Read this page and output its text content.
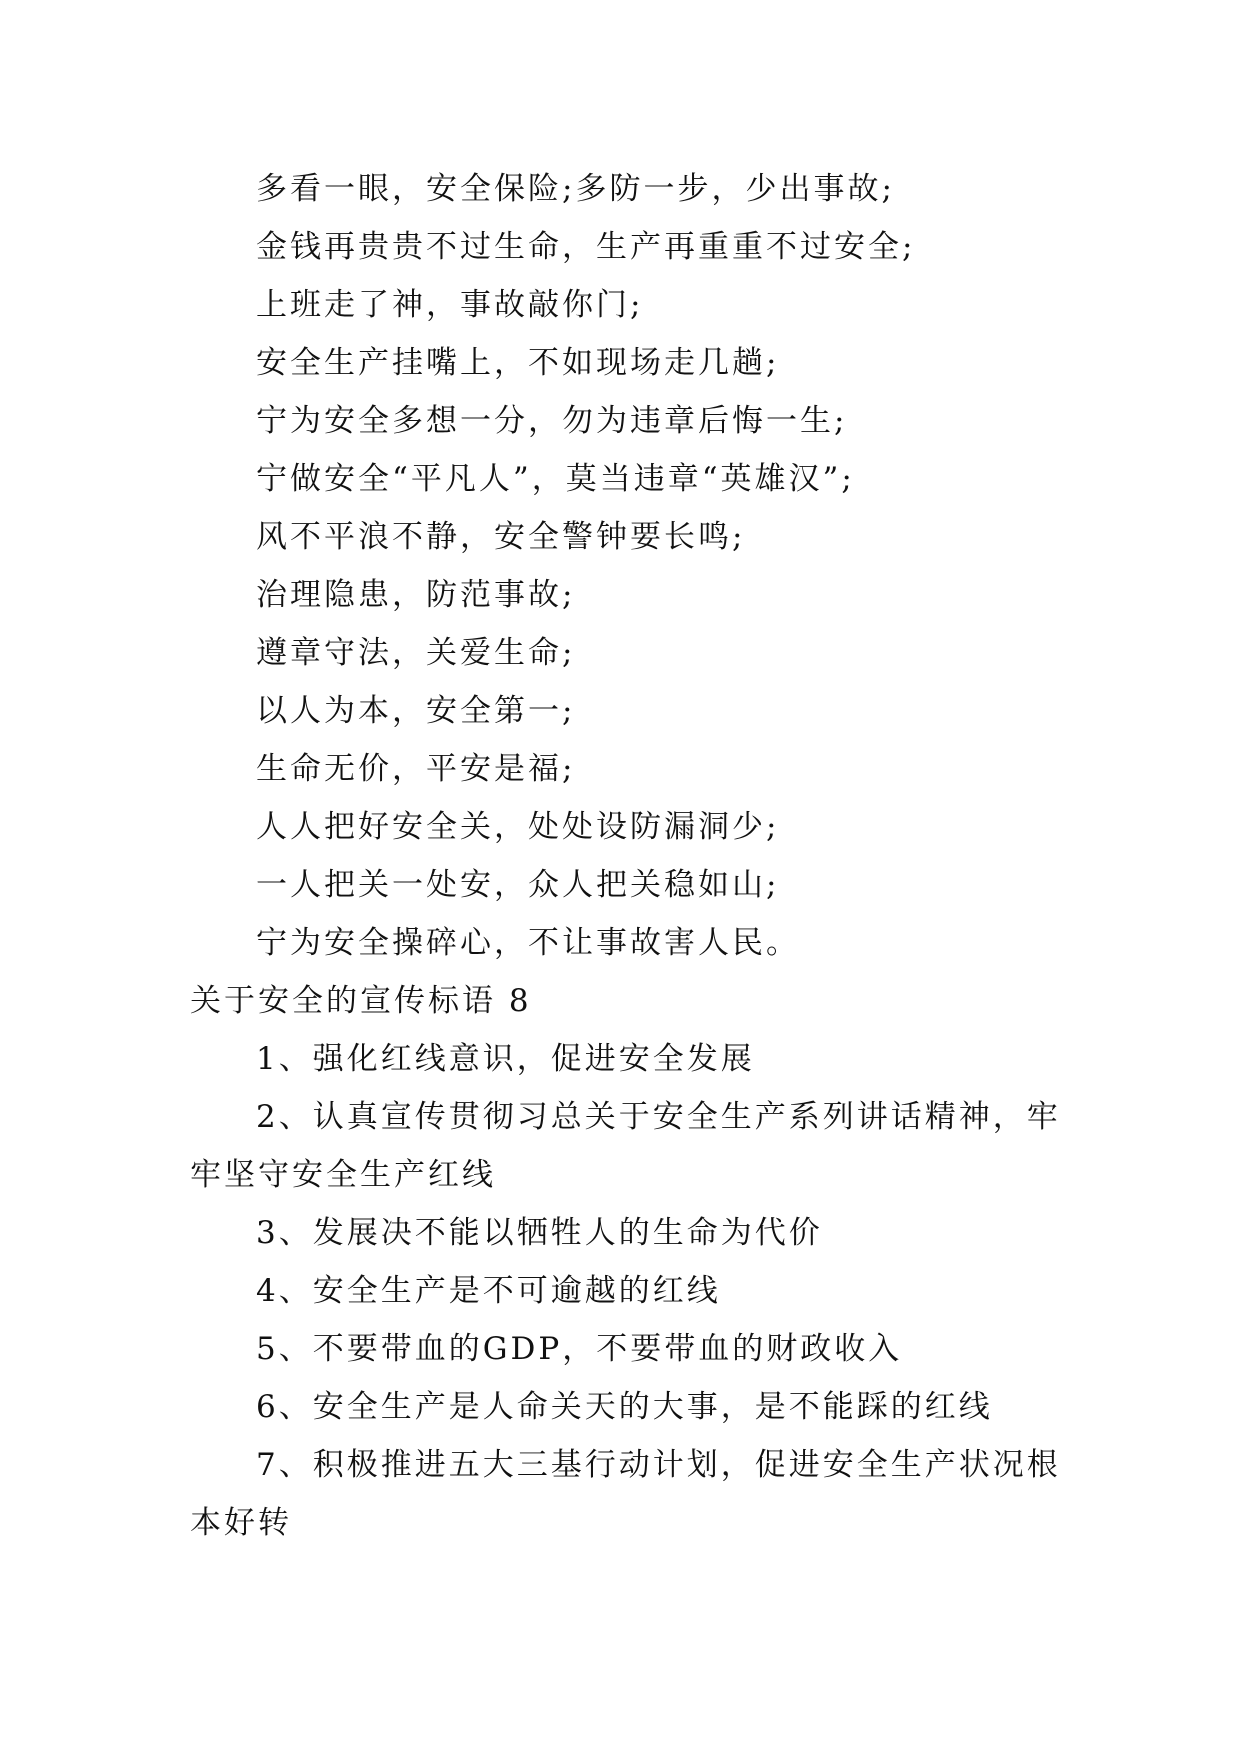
多看一眼，安全保险;多防一步，少出事故;
金钱再贵贵不过生命，生产再重重不过安全;
上班走了神，事故敲你门;
安全生产挂嘴上，不如现场走几趟;
宁为安全多想一分，勿为违章后悔一生;
宁做安全“平凡人”，莫当违章“英雄汉”;
风不平浪不静，安全警钟要长鸣;
治理隐患，防范事故;
遵章守法，关爱生命;
以人为本，安全第一;
生命无价，平安是福;
人人把好安全关，处处设防漏洞少;
一人把关一处安，众人把关稳如山;
宁为安全操碎心，不让事故害人民。
关于安全的宣传标语 8
1、强化红线意识，促进安全发展
2、认真宣传贯彻习总关于安全生产系列讲话精神，牢
牢坚守安全生产红线
3、发展决不能以牺牲人的生命为代价
4、安全生产是不可逾越的红线
5、不要带血的GDP，不要带血的财政收入
6、安全生产是人命关天的大事，是不能踩的红线
7、积极推进五大三基行动计划，促进安全生产状况根
本好转
